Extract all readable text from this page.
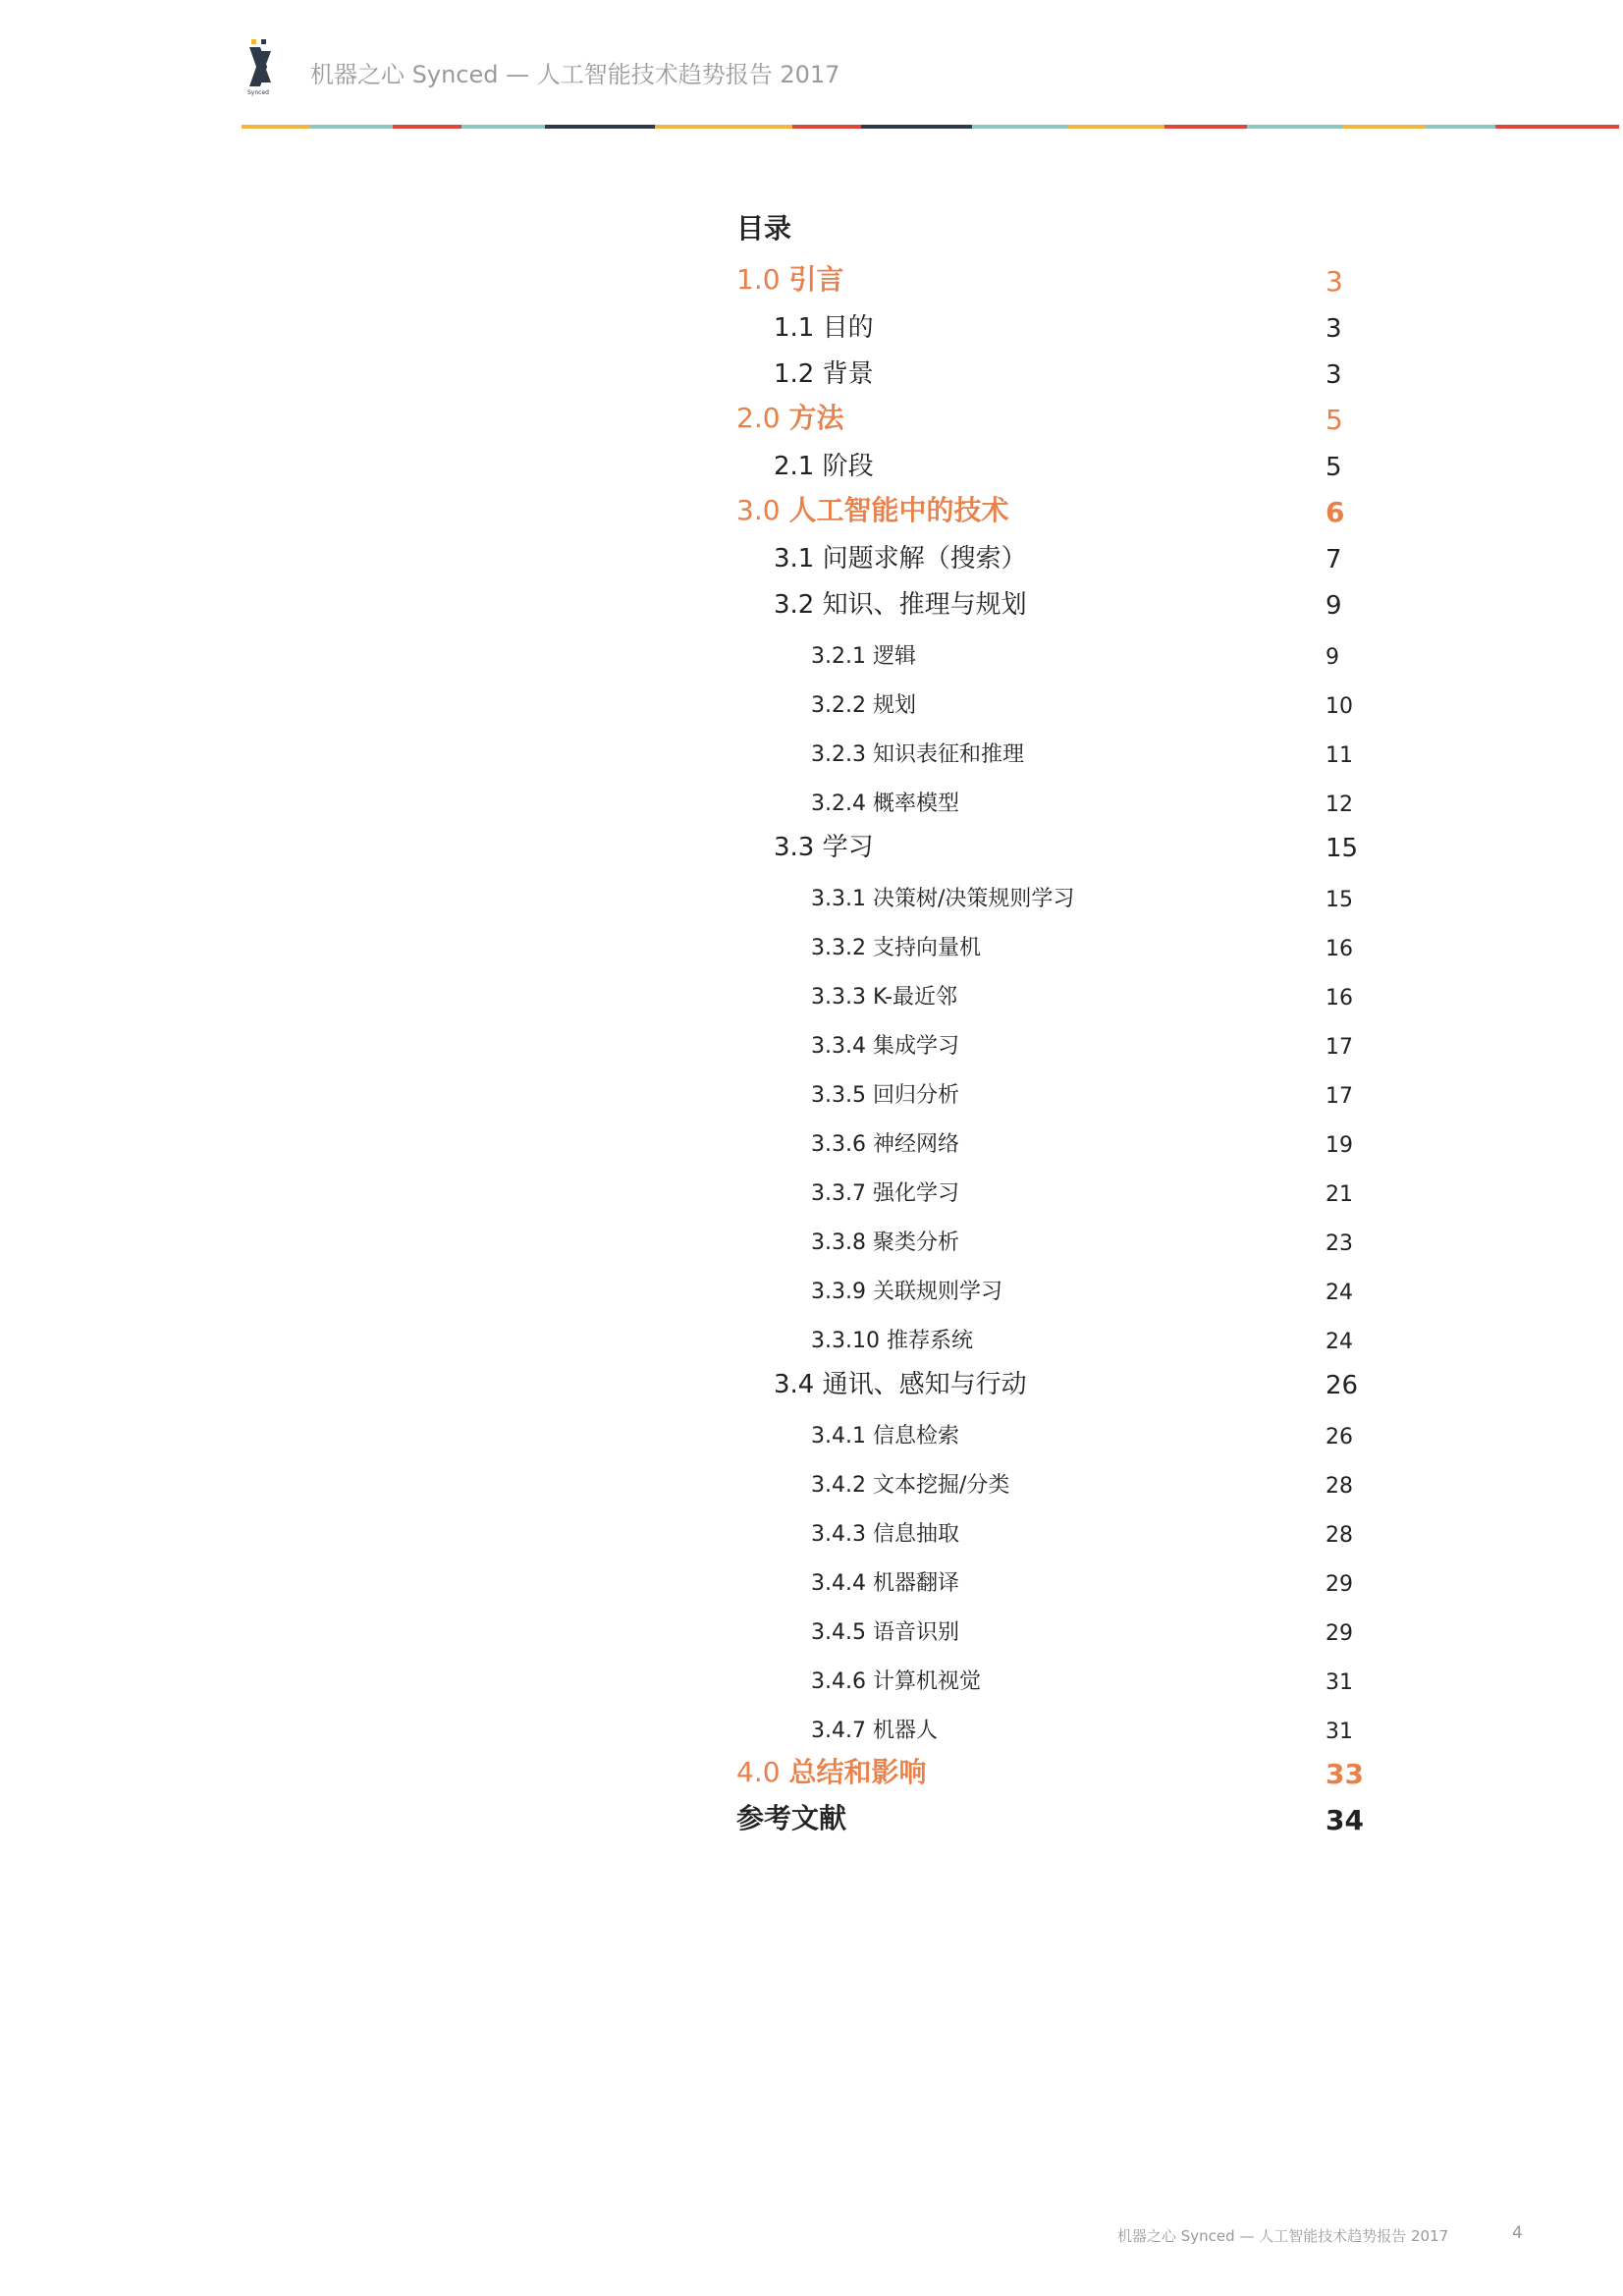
Synced
机器之心 Synced — 人工智能技术趋势报告 2017
目录
1.0 引言	3
1.1 目的	3
1.2 背景	3
2.0 方法	5
2.1 阶段	5
3.0 人工智能中的技术	6
3.1 问题求解（搜索）	7
3.2 知识、推理与规划	9
3.2.1 逻辑	9
3.2.2 规划	10
3.2.3 知识表征和推理	11
3.2.4 概率模型	12
3.3 学习	15
3.3.1 决策树/决策规则学习	15
3.3.2 支持向量机	16
3.3.3 K-最近邻	16
3.3.4 集成学习	17
3.3.5 回归分析	17
3.3.6 神经网络	19
3.3.7 强化学习	21
3.3.8 聚类分析	23
3.3.9 关联规则学习	24
3.3.10 推荐系统	24
3.4 通讯、感知与行动	26
3.4.1 信息检索	26
3.4.2 文本挖掘/分类	28
3.4.3 信息抽取	28
3.4.4 机器翻译	29
3.4.5 语音识别	29
3.4.6 计算机视觉	31
3.4.7 机器人	31
4.0 总结和影响	33
参考文献	34
机器之心 Synced — 人工智能技术趋势报告 2017	4
